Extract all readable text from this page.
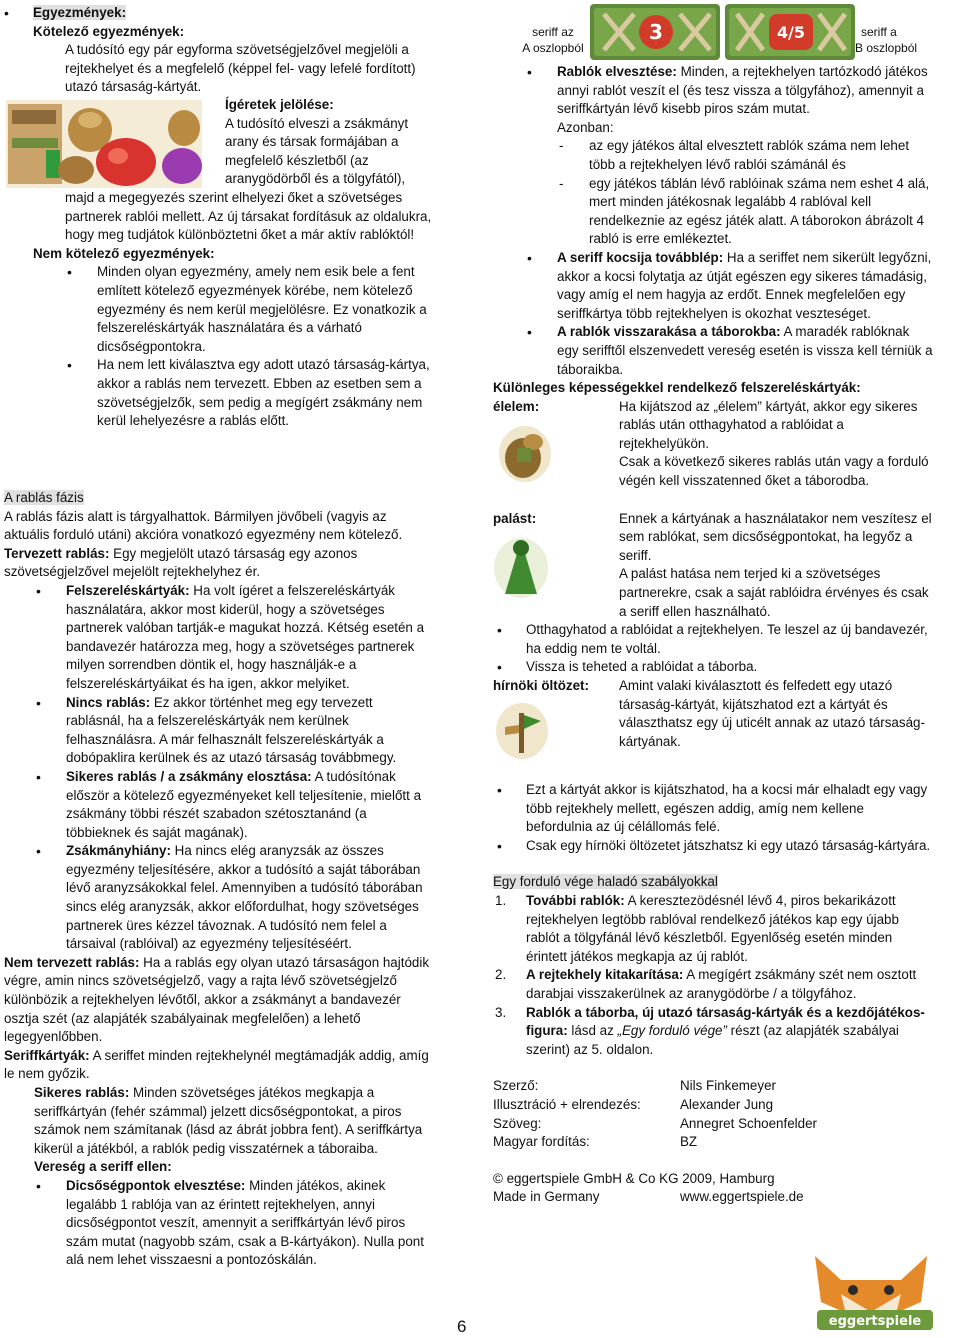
6
• Egyezmények:
Kötelező egyezmények:
A tudósító egy pár egyforma szövetségjelzővel megjelöli a rejtekhelyet és a megfelelő (képpel fel- vagy lefelé fordított) utazó társaság-kártyát.
Ígéretek jelölése:
A tudósító elveszi a zsákmányt
arany és társak formájában a
megfelelő készletből (az
aranygödörből és a tölgyfától),
majd a megegyezés szerint elhelyezi őket a szövetséges partnerek rablói mellett. Az új társakat fordításuk az oldalukra, hogy meg tudjátok különböztetni őket a már aktív rablóktól!
Nem kötelező egyezmények:
• Minden olyan egyezmény, amely nem esik bele a fent említett kötelező egyezmények körébe, nem kötelező egyezmény és nem kerül megjelölésre. Ez vonatkozik a felszereléskártyák használatára és a várható dicsőségpontokra.
• Ha nem lett kiválasztva egy adott utazó társaság-kártya, akkor a rablás nem tervezett. Ebben az esetben sem a szövetségjelzők, sem pedig a megígért zsákmány nem kerül lehelyezésre a rablás előtt.
A rablás fázis
A rablás fázis alatt is tárgyalhattok. Bármilyen jövőbeli (vagyis az aktuális forduló utáni) akcióra vonatkozó egyezmény nem kötelező.
Tervezett rablás: Egy megjelölt utazó társaság egy azonos szövetségjelzővel mejelölt rejtekhelyhez ér.
• Felszereléskártyák: Ha volt ígéret a felszereléskártyák használatára, akkor most kiderül, hogy a szövetséges partnerek valóban tartják-e magukat hozzá. Kétség esetén a bandavezér határozza meg, hogy a szövetséges partnerek milyen sorrendben döntik el, hogy használják-e a felszereléskártyáikat és ha igen, akkor melyiket.
• Nincs rablás: Ez akkor történhet meg egy tervezett rablásnál, ha a felszereléskártyák nem kerülnek felhasználásra. A már felhasznált felszereléskártyák a dobópaklira kerülnek és az utazó társaság továbbmegy.
• Sikeres rablás / a zsákmány elosztása: A tudósítónak először a kötelező egyezményeket kell teljesítenie, mielőtt a zsákmány többi részét szabadon szétosztanánd (a többieknek és saját magának).
• Zsákmányhiány: Ha nincs elég aranyzsák az összes egyezmény teljesítésére, akkor a tudósító a saját táborában lévő aranyzsákokkal felel. Amennyiben a tudósító táborában sincs elég aranyzsák, akkor előfordulhat, hogy szövetséges partnerek üres kézzel távoznak. A tudósító nem felel a társaival (rablóival) az egyezmény teljesítéséért.
Nem tervezett rablás: Ha a rablás egy olyan utazó társaságon hajtódik végre, amin nincs szövetségjelző, vagy a rajta lévő szövetségjelző különbözik a rejtekhelyen lévőtől, akkor a zsákmányt a bandavezér osztja szét (az alapjáték szabályainak megfelelően) a lehető legegyenlőbben.
Seriffkártyák: A seriffet minden rejtekhelynél megtámadják addig, amíg le nem győzik.
Sikeres rablás: Minden szövetséges játékos megkapja a seriffkártyán (fehér számmal) jelzett dicsőségpontokat, a piros számok nem számítanak (lásd az ábrát jobbra fent). A seriffkártya kikerül a játékból, a rablók pedig visszatérnek a táboraiba.
Vereség a seriff ellen:
• Dicsőségpontok elvesztése: Minden játékos, akinek legalább 1 rablója van az érintett rejtekhelyen, annyi dicsőségpontot veszít, amennyit a seriffkártyán lévő piros szám mutat (nagyobb szám, csak a B-kártyákon). Nulla pont alá nem lehet visszaesni a pontozóskálán.
seriff az
A oszlopból
3	4/5	seriff a
B oszlopból
• Rablók elvesztése: Minden, a rejtekhelyen tartózkodó játékos annyi rablót veszít el (és tesz vissza a tölgyfához), amennyit a seriffkártyán lévő kisebb piros szám mutat.
Azonban:
- az egy játékos által elvesztett rablók száma nem lehet több a rejtekhelyen lévő rablói számánál és
- egy játékos táblán lévő rablóinak száma nem eshet 4 alá, mert minden játékosnak legalább 4 rablóval kell rendelkeznie az egész játék alatt. A táborokon ábrázolt 4 rabló is erre emlékeztet.
• A seriff kocsija továbblép: Ha a seriffet nem sikerült legyőzni, akkor a kocsi folytatja az útját egészen egy sikeres támadásig, vagy amíg el nem hagyja az erdőt. Ennek megfelelően egy seriffkártya több rejtekhelyen is okozhat veszteséget.
• A rablók visszarakása a táborokba: A maradék rablóknak egy serifftől elszenvedett vereség esetén is vissza kell térniük a táboraikba.
Különleges képességekkel rendelkező felszereléskártyák:
élelem:	Ha kijátszod az „élelem” kártyát, akkor egy sikeres rablás után otthagyhatod a rablóidat a rejtekhelyükön.
Csak a következő sikeres rablás után vagy a forduló végén kell visszatenned őket a táborodba.
palást:	Ennek a kártyának a használatakor nem veszítesz el sem rablókat, sem dicsőségpontokat, ha legyőz a seriff.
A palást hatása nem terjed ki a szövetséges partnerekre, csak a saját rablóidra érvényes és csak a seriff ellen használható.
• Otthagyhatod a rablóidat a rejtekhelyen. Te leszel az új bandavezér, ha eddig nem te voltál.
• Vissza is teheted a rablóidat a táborba.
hírnöki öltözet: Amint valaki kiválasztott és felfedett egy utazó társaság-kártyát, kijátszhatod ezt a kártyát és választhatsz egy új uticélt annak az utazó társaság-kártyának.
• Ezt a kártyát akkor is kijátszhatod, ha a kocsi már elhaladt egy vagy több rejtekhely mellett, egészen addig, amíg nem kellene befordulnia az új célállomás felé.
• Csak egy hírnöki öltözetet játszhatsz ki egy utazó társaság-kártyára.
Egy forduló vége haladó szabályokkal
1. További rablók: A keresztezödésnél lévő 4, piros bekarikázott rejtekhelyen legtöbb rablóval rendelkező játékos kap egy újabb rablót a tölgyfánál lévő készletből. Egyenlőség esetén minden érintett játékos megkapja az új rablót.
2. A rejtekhely kitakarítása: A megígért zsákmány szét nem osztott darabjai visszakerülnek az aranygödörbe / a tölgyfához.
3. Rablók a táborba, új utazó társaság-kártyák és a kezdőjátékos-figura: lásd az „Egy forduló vége” részt (az alapjáték szabályai szerint) az 5. oldalon.
Szerző:	Nils Finkemeyer
Illusztráció + elrendezés:	Alexander Jung
Szöveg:	Annegret Schoenfelder
Magyar fordítás:	BZ
© eggertspiele GmbH & Co KG 2009, Hamburg
Made in Germany	www.eggertspiele.de
eggertspiele
